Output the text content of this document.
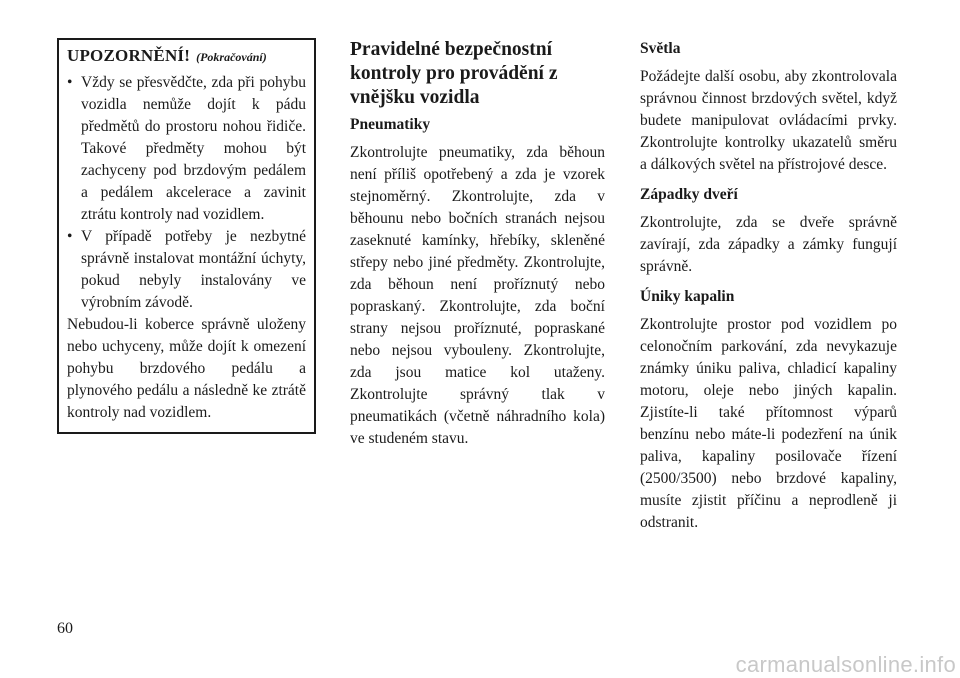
UPOZORNĚNÍ! (Pokračování)

• Vždy se přesvědčte, zda při pohybu vozidla nemůže dojít k pádu předmětů do prostoru nohou řidiče. Takové předměty mohou být zachyceny pod brzdovým pedálem a pedálem akcelerace a zavinit ztrátu kontroly nad vozidlem.

• V případě potřeby je nezbytné správně instalovat montážní úchyty, pokud nebyly instalovány ve výrobním závodě.

Nebudou-li koberce správně uloženy nebo uchyceny, může dojít k omezení pohybu brzdového pedálu a plynového pedálu a následně ke ztrátě kontroly nad vozidlem.

Pravidelné bezpečnostní kontroly pro provádění z vnějšku vozidla
Pneumatiky

Zkontrolujte pneumatiky, zda běhoun není příliš opotřebený a zda je vzorek stejnoměrný. Zkontrolujte, zda v běhounu nebo bočních stranách nejsou zaseknuté kamínky, hřebíky, skleněné střepy nebo jiné předměty. Zkontrolujte, zda běhoun není proříznutý nebo popraskaný. Zkontrolujte, zda boční strany nejsou proříznuté, popraskané nebo nejsou vybouleny. Zkontrolujte, zda jsou matice kol utaženy. Zkontrolujte správný tlak v pneumatikách (včetně náhradního kola) ve studeném stavu.

Světla

Požádejte další osobu, aby zkontrolovala správnou činnost brzdových světel, když budete manipulovat ovládacími prvky. Zkontrolujte kontrolky ukazatelů směru a dálkových světel na přístrojové desce.

Západky dveří

Zkontrolujte, zda se dveře správně zavírají, zda západky a zámky fungují správně.

Úniky kapalin

Zkontrolujte prostor pod vozidlem po celonočním parkování, zda nevykazuje známky úniku paliva, chladicí kapaliny motoru, oleje nebo jiných kapalin. Zjistíte-li také přítomnost výparů benzínu nebo máte-li podezření na únik paliva, kapaliny posilovače řízení (2500/3500) nebo brzdové kapaliny, musíte zjistit příčinu a neprodleně ji odstranit.

60
carmanualsonline.info
